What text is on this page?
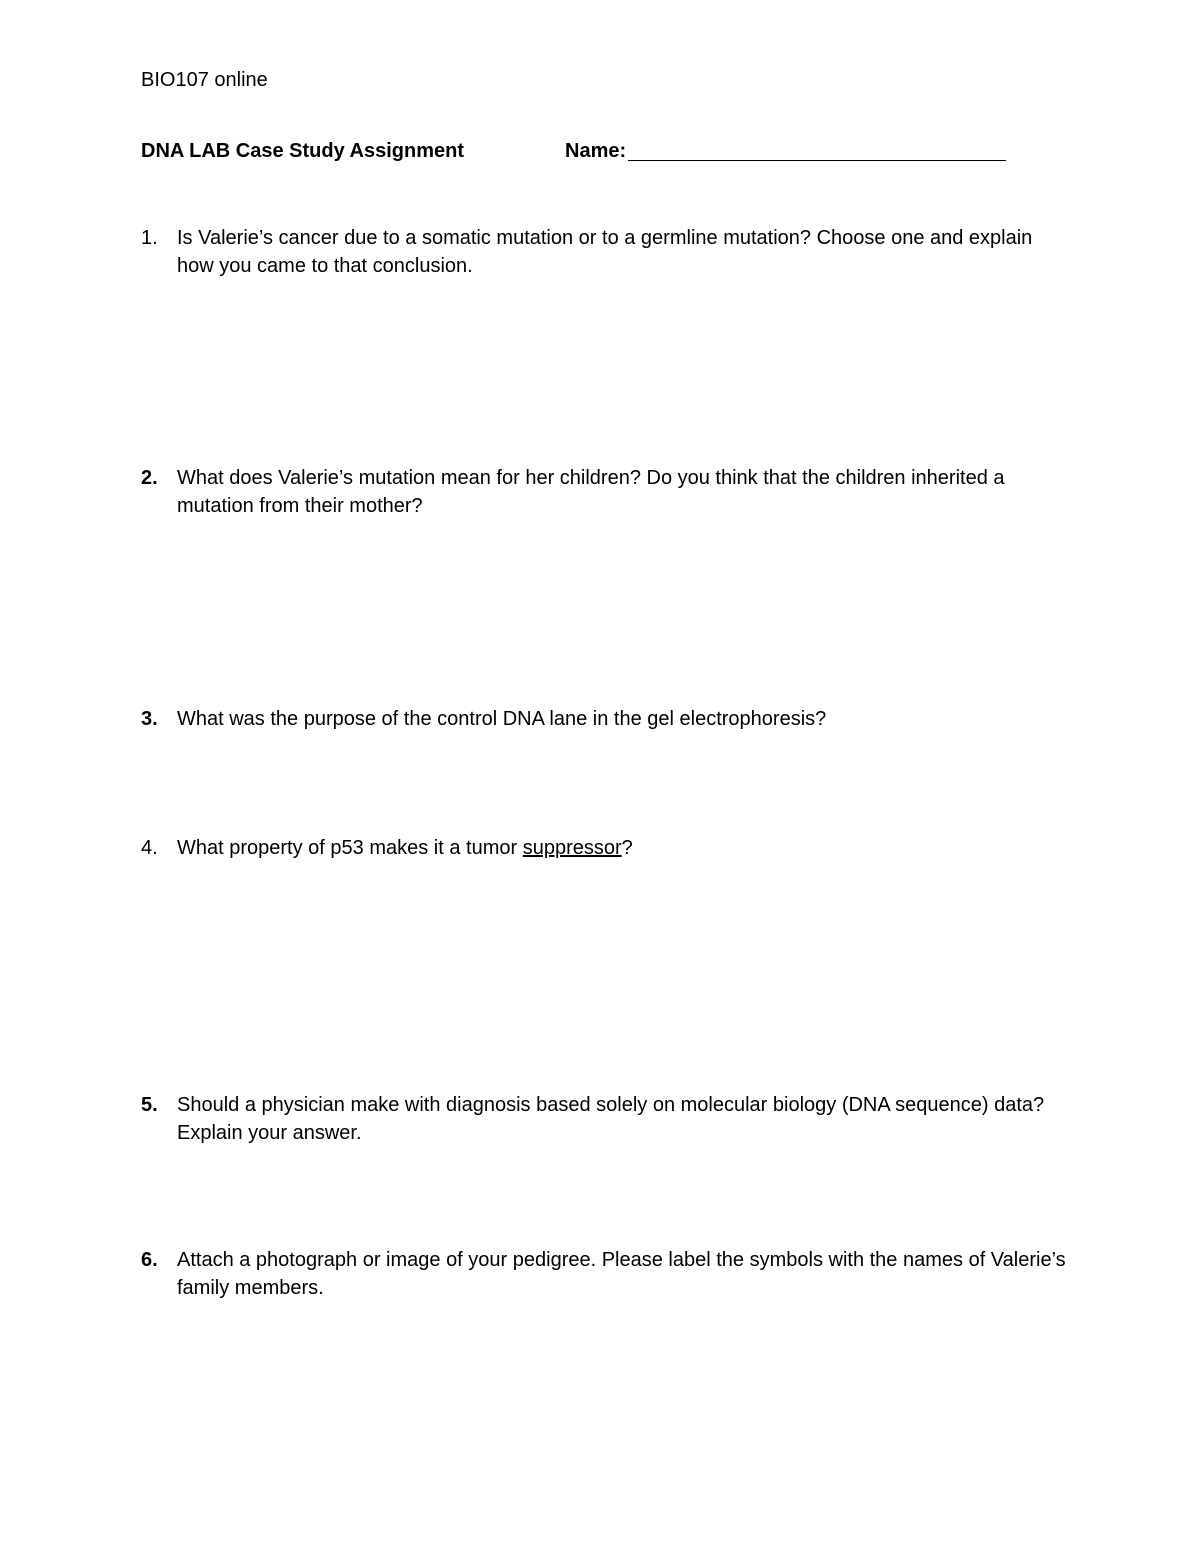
BIO107 online
DNA LAB Case Study Assignment	Name:
1. Is Valerie’s cancer due to a somatic mutation or to a germline mutation? Choose one and explain how you came to that conclusion.
2. What does Valerie’s mutation mean for her children? Do you think that the children inherited a mutation from their mother?
3. What was the purpose of the control DNA lane in the gel electrophoresis?
4. What property of p53 makes it a tumor suppressor?
5. Should a physician make with diagnosis based solely on molecular biology (DNA sequence) data? Explain your answer.
6. Attach a photograph or image of your pedigree. Please label the symbols with the names of Valerie’s family members.
